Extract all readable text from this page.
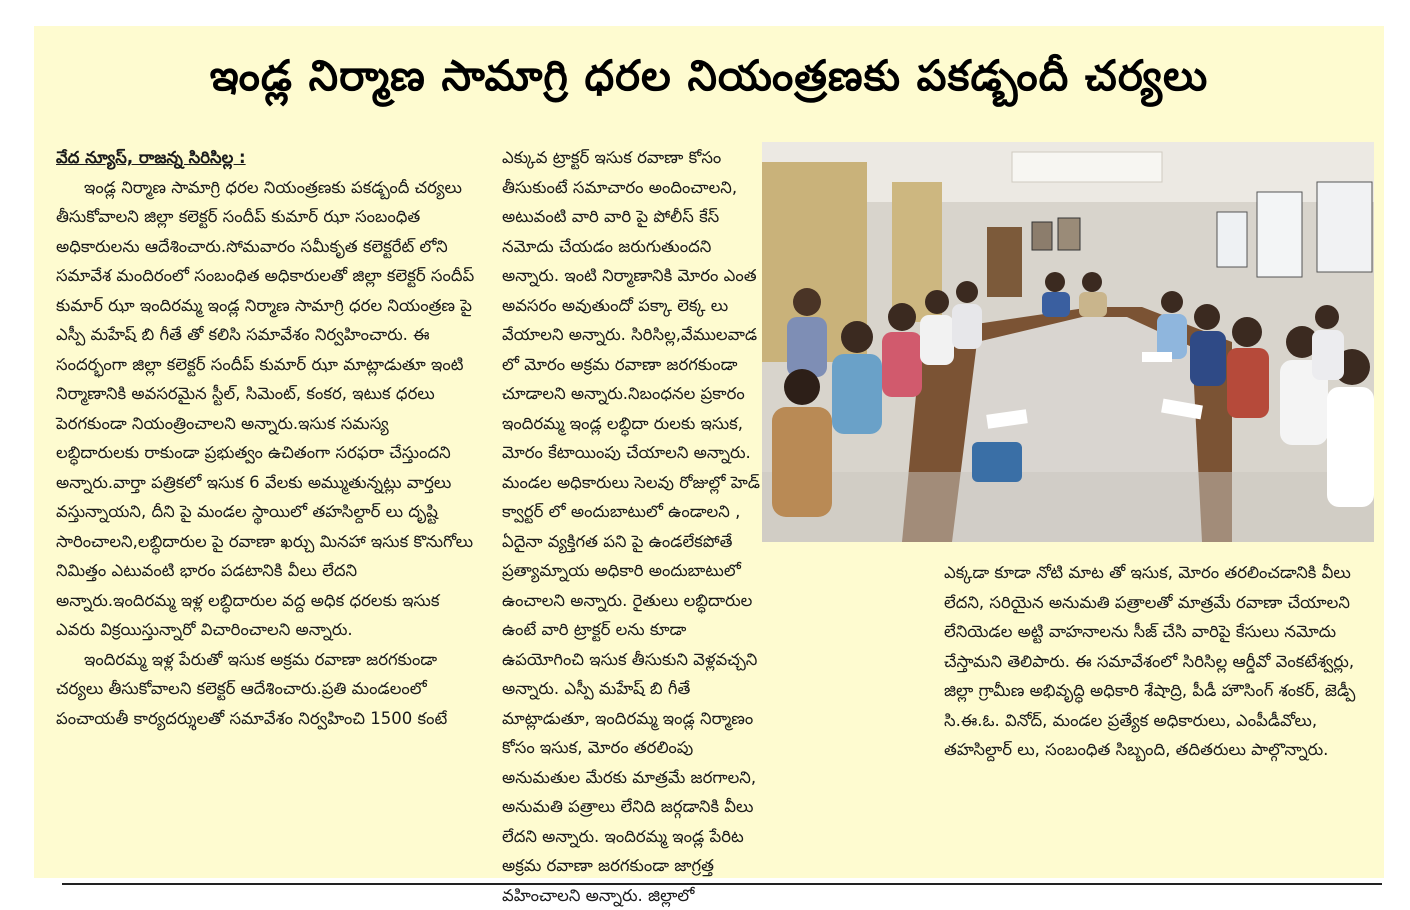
ఇండ్ల నిర్మాణ సామాగ్రి ధరల నియంత్రణకు పకడ్బందీ చర్యలు

వేద న్యూస్, రాజన్న సిరిసిల్ల :

ఇండ్ల నిర్మాణ సామాగ్రి ధరల నియంత్రణకు పకడ్బందీ చర్యలు తీసుకోవాలని జిల్లా కలెక్టర్ సందీప్ కుమార్ ఝా సంబంధిత అధికారులను ఆదేశించారు.సోమవారం సమీకృత కలెక్టరేట్ లోని సమావేశ మందిరంలో సంబంధిత అధికారులతో జిల్లా కలెక్టర్ సందీప్ కుమార్ ఝా ఇందిరమ్మ ఇండ్ల నిర్మాణ సామాగ్రి ధరల నియంత్రణ పై ఎస్పీ మహేష్ బి గీతే తో కలిసి సమావేశం నిర్వహించారు. ఈ సందర్భంగా జిల్లా కలెక్టర్ సందీప్ కుమార్ ఝా మాట్లాడుతూ ఇంటి నిర్మాణానికి అవసరమైన స్టీల్, సిమెంట్, కంకర, ఇటుక ధరలు పెరగకుండా నియంత్రించాలని అన్నారు.ఇసుక సమస్య లబ్ధిదారులకు రాకుండా ప్రభుత్వం ఉచితంగా సరఫరా చేస్తుందని అన్నారు.వార్తా పత్రికలో ఇసుక 6 వేలకు అమ్ముతున్నట్లు వార్తలు వస్తున్నాయని, దీని పై మండల స్థాయిలో తహసిల్దార్ లు దృష్టి సారించాలని,లబ్ధిదారుల పై రవాణా ఖర్చు మినహా ఇసుక కొనుగోలు నిమిత్తం ఎటువంటి భారం పడటానికి వీలు లేదని అన్నారు.ఇందిరమ్మ ఇళ్ల లబ్ధిదారుల వద్ద అధిక ధరలకు ఇసుక ఎవరు విక్రయిస్తున్నారో విచారించాలని అన్నారు.

ఇందిరమ్మ ఇళ్ల పేరుతో ఇసుక అక్రమ రవాణా జరగకుండా చర్యలు తీసుకోవాలని కలెక్టర్ ఆదేశించారు.ప్రతి మండలంలో పంచాయతీ కార్యదర్శులతో సమావేశం నిర్వహించి 1500 కంటే

ఎక్కువ ట్రాక్టర్ ఇసుక రవాణా కోసం తీసుకుంటే సమాచారం అందించాలని, అటువంటి వారి వారి పై పోలీస్ కేస్ నమోదు చేయడం జరుగుతుందని అన్నారు. ఇంటి నిర్మాణానికి మోరం ఎంత అవసరం అవుతుందో పక్కా లెక్క లు వేయాలని అన్నారు. సిరిసిల్ల,వేములవాడ లో మోరం అక్రమ రవాణా జరగకుండా చూడాలని అన్నారు.నిబంధనల ప్రకారం ఇందిరమ్మ ఇండ్ల లబ్ధిదా రులకు ఇసుక, మోరం కేటాయింపు చేయాలని అన్నారు. మండల అధికారులు సెలవు రోజుల్లో హెడ్ క్వార్టర్ లో అందుబాటులో ఉండాలని , ఏదైనా వ్యక్తిగత పని పై ఉండలేకపోతే ప్రత్యామ్నాయ అధికారి అందుబాటులో ఉంచాలని అన్నారు. రైతులు లబ్ధిదారుల ఉంటే వారి ట్రాక్టర్ లను కూడా ఉపయోగించి ఇసుక తీసుకుని వెళ్లవచ్చని అన్నారు. ఎస్పీ మహేష్ బి గీతే మాట్లాడుతూ, ఇందిరమ్మ ఇండ్ల నిర్మాణం కోసం ఇసుక, మోరం తరలింపు అనుమతుల మేరకు మాత్రమే జరగాలని, అనుమతి పత్రాలు లేనిది జర్గడానికి వీలు లేదని అన్నారు. ఇందిరమ్మ ఇండ్ల పేరిట అక్రమ రవాణా జరగకుండా జాగ్రత్త వహించాలని అన్నారు. జిల్లాలో

ఎక్కడా కూడా నోటి మాట తో ఇసుక, మోరం తరలించడానికి వీలు లేదని, సరియైన అనుమతి పత్రాలతో మాత్రమే రవాణా చేయాలని లేనియెడల అట్టి వాహనాలను సీజ్ చేసి వారిపై కేసులు నమోదు చేస్తామని తెలిపారు. ఈ సమావేశంలో సిరిసిల్ల ఆర్డీవో వెంకటేశ్వర్లు, జిల్లా గ్రామీణ అభివృద్ధి అధికారి శేషాద్రి, పీడీ హౌసింగ్ శంకర్, జెడ్పీ సి.ఈ.ఓ. వినోద్, మండల ప్రత్యేక అధికారులు, ఎంపీడీవోలు, తహసిల్దార్ లు, సంబంధిత సిబ్బంది, తదితరులు పాల్గొన్నారు.
